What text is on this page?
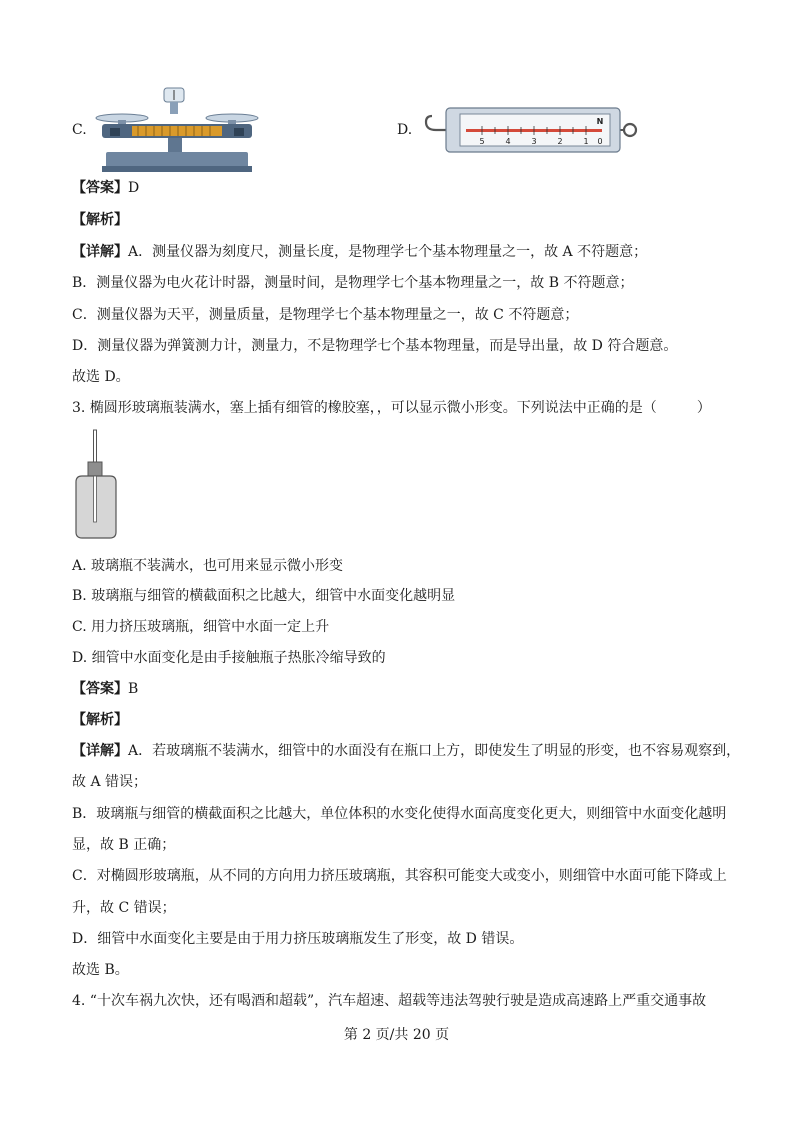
C.	D.
5	4	3	2	1 0
N
【答案】D
【解析】
【详解】A．测量仪器为刻度尺，测量长度，是物理学七个基本物理量之一，故 A 不符题意；
B．测量仪器为电火花计时器，测量时间，是物理学七个基本物理量之一，故 B 不符题意；
C．测量仪器为天平，测量质量，是物理学七个基本物理量之一，故 C 不符题意；
D．测量仪器为弹簧测力计，测量力，不是物理学七个基本物理量，而是导出量，故 D 符合题意。
故选 D。
3. 椭圆形玻璃瓶装满水，塞上插有细管的橡胶塞，，可以显示微小形变。下列说法中正确的是（	）
A. 玻璃瓶不装满水，也可用来显示微小形变
B. 玻璃瓶与细管的横截面积之比越大，细管中水面变化越明显
C. 用力挤压玻璃瓶，细管中水面一定上升
D. 细管中水面变化是由手接触瓶子热胀冷缩导致的
【答案】B
【解析】
【详解】A．若玻璃瓶不装满水，细管中的水面没有在瓶口上方，即使发生了明显的形变，也不容易观察到，
故 A 错误；
B．玻璃瓶与细管的横截面积之比越大，单位体积的水变化使得水面高度变化更大，则细管中水面变化越明
显，故 B 正确；
C．对椭圆形玻璃瓶，从不同的方向用力挤压玻璃瓶，其容积可能变大或变小，则细管中水面可能下降或上
升，故 C 错误；
D．细管中水面变化主要是由于用力挤压玻璃瓶发生了形变，故 D 错误。
故选 B。
4. “十次车祸九次快，还有喝酒和超载”，汽车超速、超载等违法驾驶行驶是造成高速路上严重交通事故
第 2 页/共 20 页
